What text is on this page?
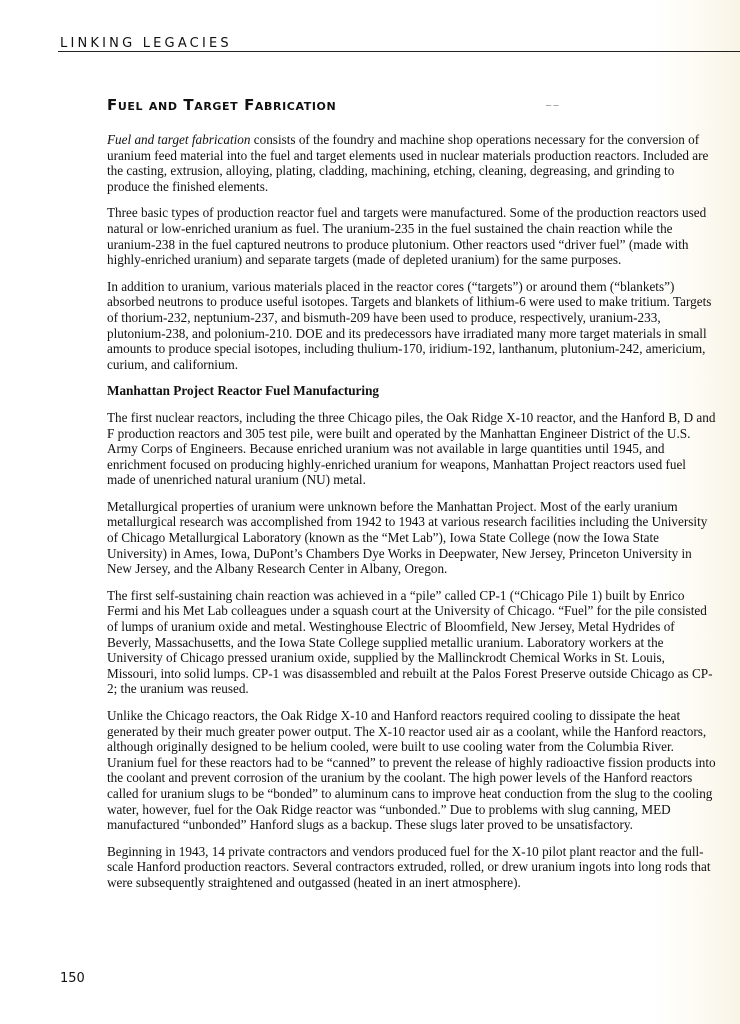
LINKING LEGACIES
Fuel and Target Fabrication	‒ ‒

Fuel and target fabrication consists of the foundry and machine shop operations necessary for the conversion of uranium feed material into the fuel and target elements used in nuclear materials production reactors. Included are the casting, extrusion, alloying, plating, cladding, machining, etching, cleaning, degreasing, and grinding to produce the finished elements.

Three basic types of production reactor fuel and targets were manufactured. Some of the production reactors used natural or low-enriched uranium as fuel. The uranium-235 in the fuel sustained the chain reaction while the uranium-238 in the fuel captured neutrons to produce plutonium. Other reactors used “driver fuel” (made with highly-enriched uranium) and separate targets (made of depleted uranium) for the same purposes.

In addition to uranium, various materials placed in the reactor cores (“targets”) or around them (“blankets”) absorbed neutrons to produce useful isotopes. Targets and blankets of lithium-6 were used to make tritium. Targets of thorium-232, neptunium-237, and bismuth-209 have been used to produce, respectively, uranium-233, plutonium-238, and polonium-210. DOE and its predecessors have irradiated many more target materials in small amounts to produce special isotopes, including thulium-170, iridium-192, lanthanum, plutonium-242, americium, curium, and californium.

Manhattan Project Reactor Fuel Manufacturing

The first nuclear reactors, including the three Chicago piles, the Oak Ridge X-10 reactor, and the Hanford B, D and F production reactors and 305 test pile, were built and operated by the Manhattan Engineer District of the U.S. Army Corps of Engineers. Because enriched uranium was not available in large quantities until 1945, and enrichment focused on producing highly-enriched uranium for weapons, Manhattan Project reactors used fuel made of unenriched natural uranium (NU) metal.

Metallurgical properties of uranium were unknown before the Manhattan Project. Most of the early uranium metallurgical research was accomplished from 1942 to 1943 at various research facilities including the University of Chicago Metallurgical Laboratory (known as the “Met Lab”), Iowa State College (now the Iowa State University) in Ames, Iowa, DuPont’s Chambers Dye Works in Deepwater, New Jersey, Princeton University in New Jersey, and the Albany Research Center in Albany, Oregon.

The first self-sustaining chain reaction was achieved in a “pile” called CP-1 (“Chicago Pile 1) built by Enrico Fermi and his Met Lab colleagues under a squash court at the University of Chicago. “Fuel” for the pile consisted of lumps of uranium oxide and metal. Westinghouse Electric of Bloomfield, New Jersey, Metal Hydrides of Beverly, Massachusetts, and the Iowa State College supplied metallic uranium. Laboratory workers at the University of Chicago pressed uranium oxide, supplied by the Mallinckrodt Chemical Works in St. Louis, Missouri, into solid lumps. CP-1 was disassembled and rebuilt at the Palos Forest Preserve outside Chicago as CP-2; the uranium was reused.

Unlike the Chicago reactors, the Oak Ridge X-10 and Hanford reactors required cooling to dissipate the heat generated by their much greater power output. The X-10 reactor used air as a coolant, while the Hanford reactors, although originally designed to be helium cooled, were built to use cooling water from the Columbia River. Uranium fuel for these reactors had to be “canned” to prevent the release of highly radioactive fission products into the coolant and prevent corrosion of the uranium by the coolant. The high power levels of the Hanford reactors called for uranium slugs to be “bonded” to aluminum cans to improve heat conduction from the slug to the cooling water, however, fuel for the Oak Ridge reactor was “unbonded.” Due to problems with slug canning, MED manufactured “unbonded” Hanford slugs as a backup. These slugs later proved to be unsatisfactory.

Beginning in 1943, 14 private contractors and vendors produced fuel for the X-10 pilot plant reactor and the full-scale Hanford production reactors. Several contractors extruded, rolled, or drew uranium ingots into long rods that were subsequently straightened and outgassed (heated in an inert atmosphere).

150
